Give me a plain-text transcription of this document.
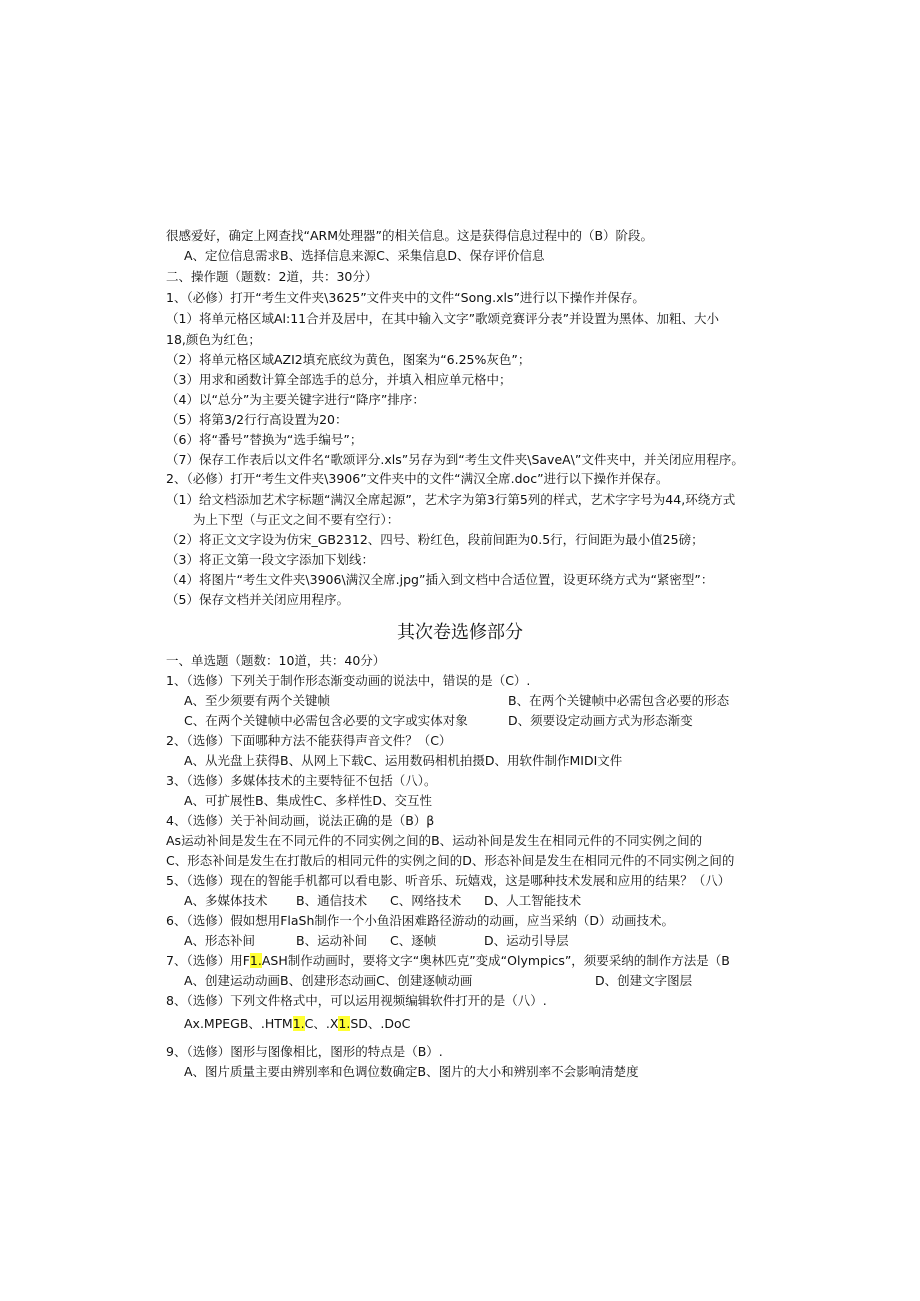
很感爱好，确定上网查找“ARM处理器”的相关信息。这是获得信息过程中的（B）阶段。
A、定位信息需求B、选择信息来源C、采集信息D、保存评价信息
二、操作题（题数：2道，共：30分）
1、（必修）打开“考生文件夹\3625”文件夹中的文件“Song.xls”进行以下操作并保存。
（1）将单元格区域Al:11合并及居中，在其中输入文字”歌颂竞赛评分表”并设置为黑体、加粗、大小
18,颜色为红色；
（2）将单元格区域AZI2填充底纹为黄色，图案为“6.25%灰色”；
（3）用求和函数计算全部选手的总分，并填入相应单元格中；
（4）以“总分”为主要关键字进行“降序”排序：
（5）将第3/2行行高设置为20：
（6）将“番号”替换为“选手编号”；
（7）保存工作表后以文件名“歌颂评分.xls”另存为到“考生文件夹\SaveA\”文件夹中，并关闭应用程序。
2、（必修）打开“考生文件夹\3906”文件夹中的文件“满汉全席.doc”进行以下操作并保存。
（1）给文档添加艺术字标题“满汉全席起源”，艺术字为第3行第5列的样式，艺术字字号为44,环绕方式
为上下型（与正文之间不要有空行）：
（2）将正文文字设为仿宋_GB2312、四号、粉红色，段前间距为0.5行，行间距为最小值25磅；
（3）将正文第一段文字添加下划线：
（4）将图片“考生文件夹\3906\满汉全席.jpg”插入到文档中合适位置，设更环绕方式为“紧密型”：
（5）保存文档并关闭应用程序。
其次卷选修部分
一、单选题（题数：10道，共：40分）
1、（选修）下列关于制作形态渐变动画的说法中，错误的是（C）.
A、至少须要有两个关键帧	B、在两个关键帧中必需包含必要的形态
C、在两个关键帧中必需包含必要的文字或实体对象	D、须要设定动画方式为形态渐变
2、（选修）下面哪种方法不能获得声音文件？（C）
A、从光盘上获得B、从网上下载C、运用数码相机拍摄D、用软件制作MIDI文件
3、（选修）多媒体技术的主要特征不包括（八）。
A、可扩展性B、集成性C、多样性D、交互性
4、（选修）关于补间动画，说法正确的是（B）β
As运动补间是发生在不同元件的不同实例之间的B、运动补间是发生在相同元件的不同实例之间的
C、形态补间是发生在打散后的相同元件的实例之间的D、形态补间是发生在相同元件的不同实例之间的
5、（选修）现在的智能手机都可以看电影、听音乐、玩嬉戏，这是哪种技术发展和应用的结果？（八）
A、多媒体技术 B、通信技术 C、网络技术 D、人工智能技术
6、（选修）假如想用FlaSh制作一个小鱼沿困难路径游动的动画，应当采纳（D）动画技术。
A、形态补间	B、运动补间 C、逐帧	D、运动引导层
7、（选修）用F1.ASH制作动画时，要将文字“奥林匹克”变成“Olympics”，须要采纳的制作方法是（B
A、创建运动动画B、创建形态动画C、创建逐帧动画	D、创建文字图层
8、（选修）下列文件格式中，可以运用视频编辑软件打开的是（八）.
Ax.MPEGB、.HTM1.C、.X1.SD、.DoC
9、（选修）图形与图像相比，图形的特点是（B）.
A、图片质量主要由辨别率和色调位数确定B、图片的大小和辨别率不会影响清楚度
